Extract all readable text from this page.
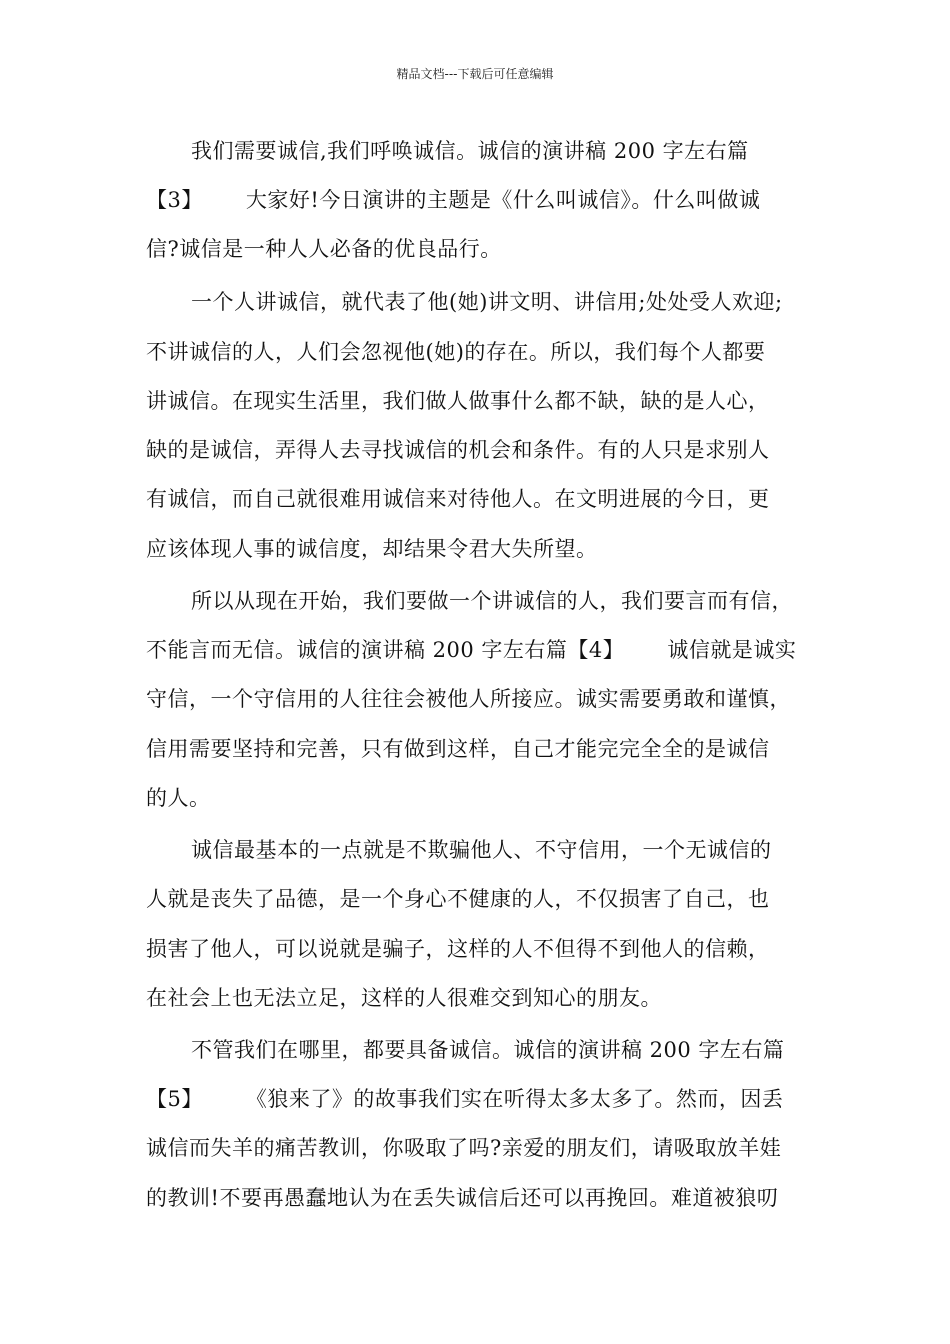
精品文档---下载后可任意编辑
我们需要诚信,我们呼唤诚信。诚信的演讲稿 200 字左右篇
【3】      大家好!今日演讲的主题是《什么叫诚信》。什么叫做诚
信?诚信是一种人人必备的优良品行。
一个人讲诚信，就代表了他(她)讲文明、讲信用;处处受人欢迎;
不讲诚信的人，人们会忽视他(她)的存在。所以，我们每个人都要
讲诚信。在现实生活里，我们做人做事什么都不缺，缺的是人心，
缺的是诚信，弄得人去寻找诚信的机会和条件。有的人只是求别人
有诚信，而自己就很难用诚信来对待他人。在文明进展的今日，更
应该体现人事的诚信度，却结果令君大失所望。
所以从现在开始，我们要做一个讲诚信的人，我们要言而有信，
不能言而无信。诚信的演讲稿 200 字左右篇【4】      诚信就是诚实
守信，一个守信用的人往往会被他人所接应。诚实需要勇敢和谨慎，
信用需要坚持和完善，只有做到这样，自己才能完完全全的是诚信
的人。
诚信最基本的一点就是不欺骗他人、不守信用，一个无诚信的
人就是丧失了品德，是一个身心不健康的人，不仅损害了自己，也
损害了他人，可以说就是骗子，这样的人不但得不到他人的信赖，
在社会上也无法立足，这样的人很难交到知心的朋友。
不管我们在哪里，都要具备诚信。诚信的演讲稿 200 字左右篇
【5】      《狼来了》的故事我们实在听得太多太多了。然而，因丢
诚信而失羊的痛苦教训，你吸取了吗?亲爱的朋友们，请吸取放羊娃
的教训!不要再愚蠢地认为在丢失诚信后还可以再挽回。难道被狼叨
